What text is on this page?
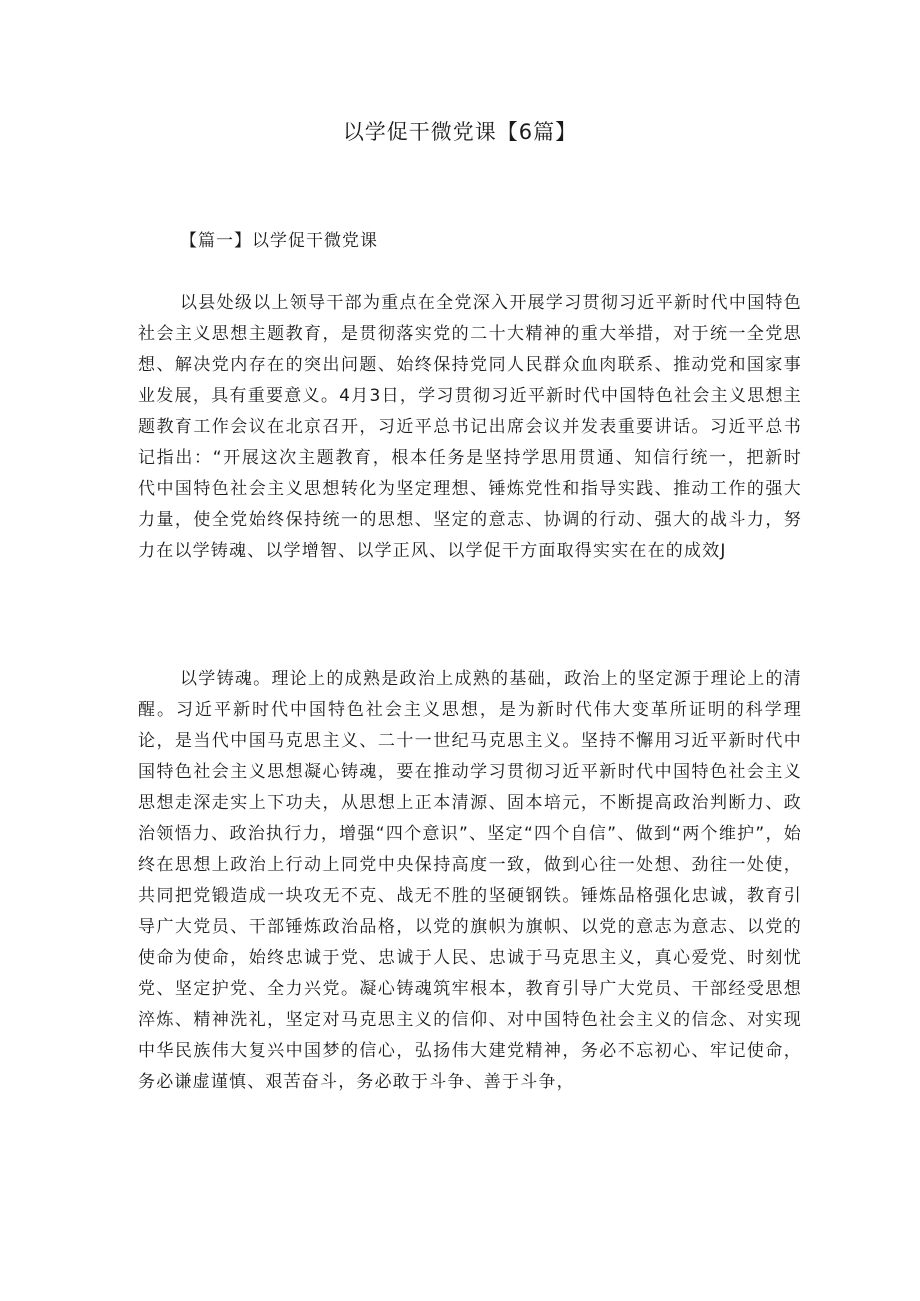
以学促干微党课【6篇】
【篇一】以学促干微党课

以县处级以上领导干部为重点在全党深入开展学习贯彻习近平新时代中国特色社会主义思想主题教育，是贯彻落实党的二十大精神的重大举措，对于统一全党思想、解决党内存在的突出问题、始终保持党同人民群众血肉联系、推动党和国家事业发展，具有重要意义。4月3日，学习贯彻习近平新时代中国特色社会主义思想主题教育工作会议在北京召开，习近平总书记出席会议并发表重要讲话。习近平总书记指出：“开展这次主题教育，根本任务是坚持学思用贯通、知信行统一，把新时代中国特色社会主义思想转化为坚定理想、锤炼党性和指导实践、推动工作的强大力量，使全党始终保持统一的思想、坚定的意志、协调的行动、强大的战斗力，努力在以学铸魂、以学增智、以学正风、以学促干方面取得实实在在的成效J

以学铸魂。理论上的成熟是政治上成熟的基础，政治上的坚定源于理论上的清醒。习近平新时代中国特色社会主义思想，是为新时代伟大变革所证明的科学理论，是当代中国马克思主义、二十一世纪马克思主义。坚持不懈用习近平新时代中国特色社会主义思想凝心铸魂，要在推动学习贯彻习近平新时代中国特色社会主义思想走深走实上下功夫，从思想上正本清源、固本培元，不断提高政治判断力、政治领悟力、政治执行力，增强“四个意识”、坚定“四个自信”、做到“两个维护”，始终在思想上政治上行动上同党中央保持高度一致，做到心往一处想、劲往一处使，共同把党锻造成一块攻无不克、战无不胜的坚硬钢铁。锤炼品格强化忠诚，教育引导广大党员、干部锤炼政治品格，以党的旗帜为旗帜、以党的意志为意志、以党的使命为使命，始终忠诚于党、忠诚于人民、忠诚于马克思主义，真心爱党、时刻忧党、坚定护党、全力兴党。凝心铸魂筑牢根本，教育引导广大党员、干部经受思想淬炼、精神洗礼，坚定对马克思主义的信仰、对中国特色社会主义的信念、对实现中华民族伟大复兴中国梦的信心，弘扬伟大建党精神，务必不忘初心、牢记使命，务必谦虚谨慎、艰苦奋斗，务必敢于斗争、善于斗争，
